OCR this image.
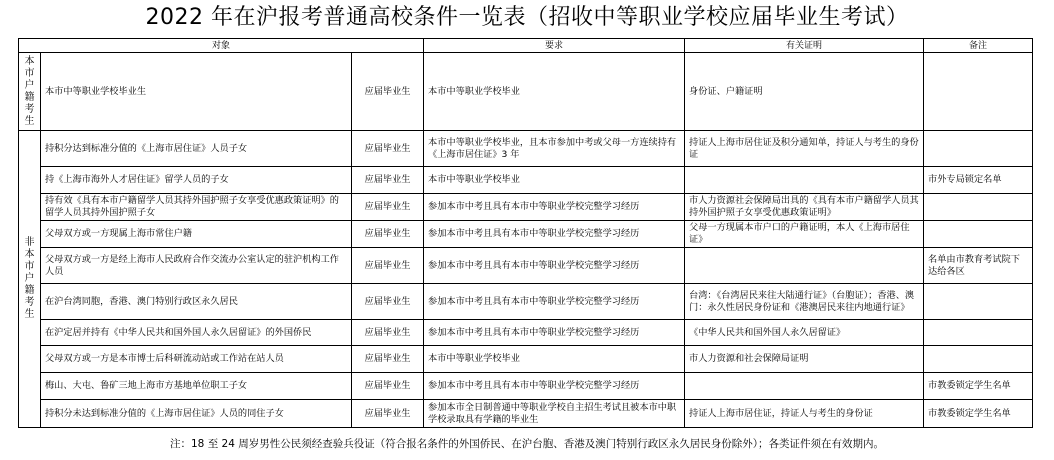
2022 年在沪报考普通高校条件一览表（招收中等职业学校应届毕业生考试）
对象			要求	有关证明	备注
本市户籍考生	本市中等职业学校毕业生	应届毕业生	本市中等职业学校毕业	身份证、户籍证明	
非本市户籍考生	持积分达到标准分值的《上海市居住证》人员子女	应届毕业生	本市中等职业学校毕业，且本市参加中考或父母一方连续持有《上海市居住证》3 年	持证人上海市居住证及积分通知单，持证人与考生的身份证	
	持《上海市海外人才居住证》留学人员的子女	应届毕业生	本市中等职业学校毕业		市外专局锁定名单
	持有效《具有本市户籍留学人员其持外国护照子女享受优惠政策证明》的留学人员其持外国护照子女	应届毕业生	参加本市中考且具有本市中等职业学校完整学习经历	市人力资源社会保障局出具的《具有本市户籍留学人员其持外国护照子女享受优惠政策证明》	
	父母双方或一方现属上海市常住户籍	应届毕业生	参加本市中考且具有本市中等职业学校完整学习经历	父母一方现属本市户口的户籍证明，本人《上海市居住证》	
	父母双方或一方是经上海市人民政府合作交流办公室认定的驻沪机构工作人员	应届毕业生	参加本市中考且具有本市中等职业学校完整学习经历		名单由市教育考试院下达给各区
	在沪台湾同胞，香港、澳门特别行政区永久居民	应届毕业生	参加本市中考且具有本市中等职业学校完整学习经历	台湾：《台湾居民来往大陆通行证》（台胞证）；香港、澳门：永久性居民身份证和《港澳居民来往内地通行证》	
	在沪定居并持有《中华人民共和国外国人永久居留证》的外国侨民	应届毕业生	参加本市中考且具有本市中等职业学校完整学习经历	《中华人民共和国外国人永久居留证》	
	父母双方或一方是本市博士后科研流动站或工作站在站人员	应届毕业生	本市中等职业学校毕业	市人力资源和社会保障局证明	
	梅山、大屯、鲁矿三地上海市方基地单位职工子女	应届毕业生	参加本市中考且具有本市中等职业学校完整学习经历		市教委锁定学生名单
	持积分未达到标准分值的《上海市居住证》人员的同住子女	应届毕业生	参加本市全日制普通中等职业学校自主招生考试且被本市中职学校录取具有学籍的毕业生	持证人上海市居住证，持证人与考生的身份证	市教委锁定学生名单
注：18 至 24 周岁男性公民须经查验兵役证（符合报名条件的外国侨民、在沪台胞、香港及澳门特别行政区永久居民身份除外）；各类证件须在有效期内。
